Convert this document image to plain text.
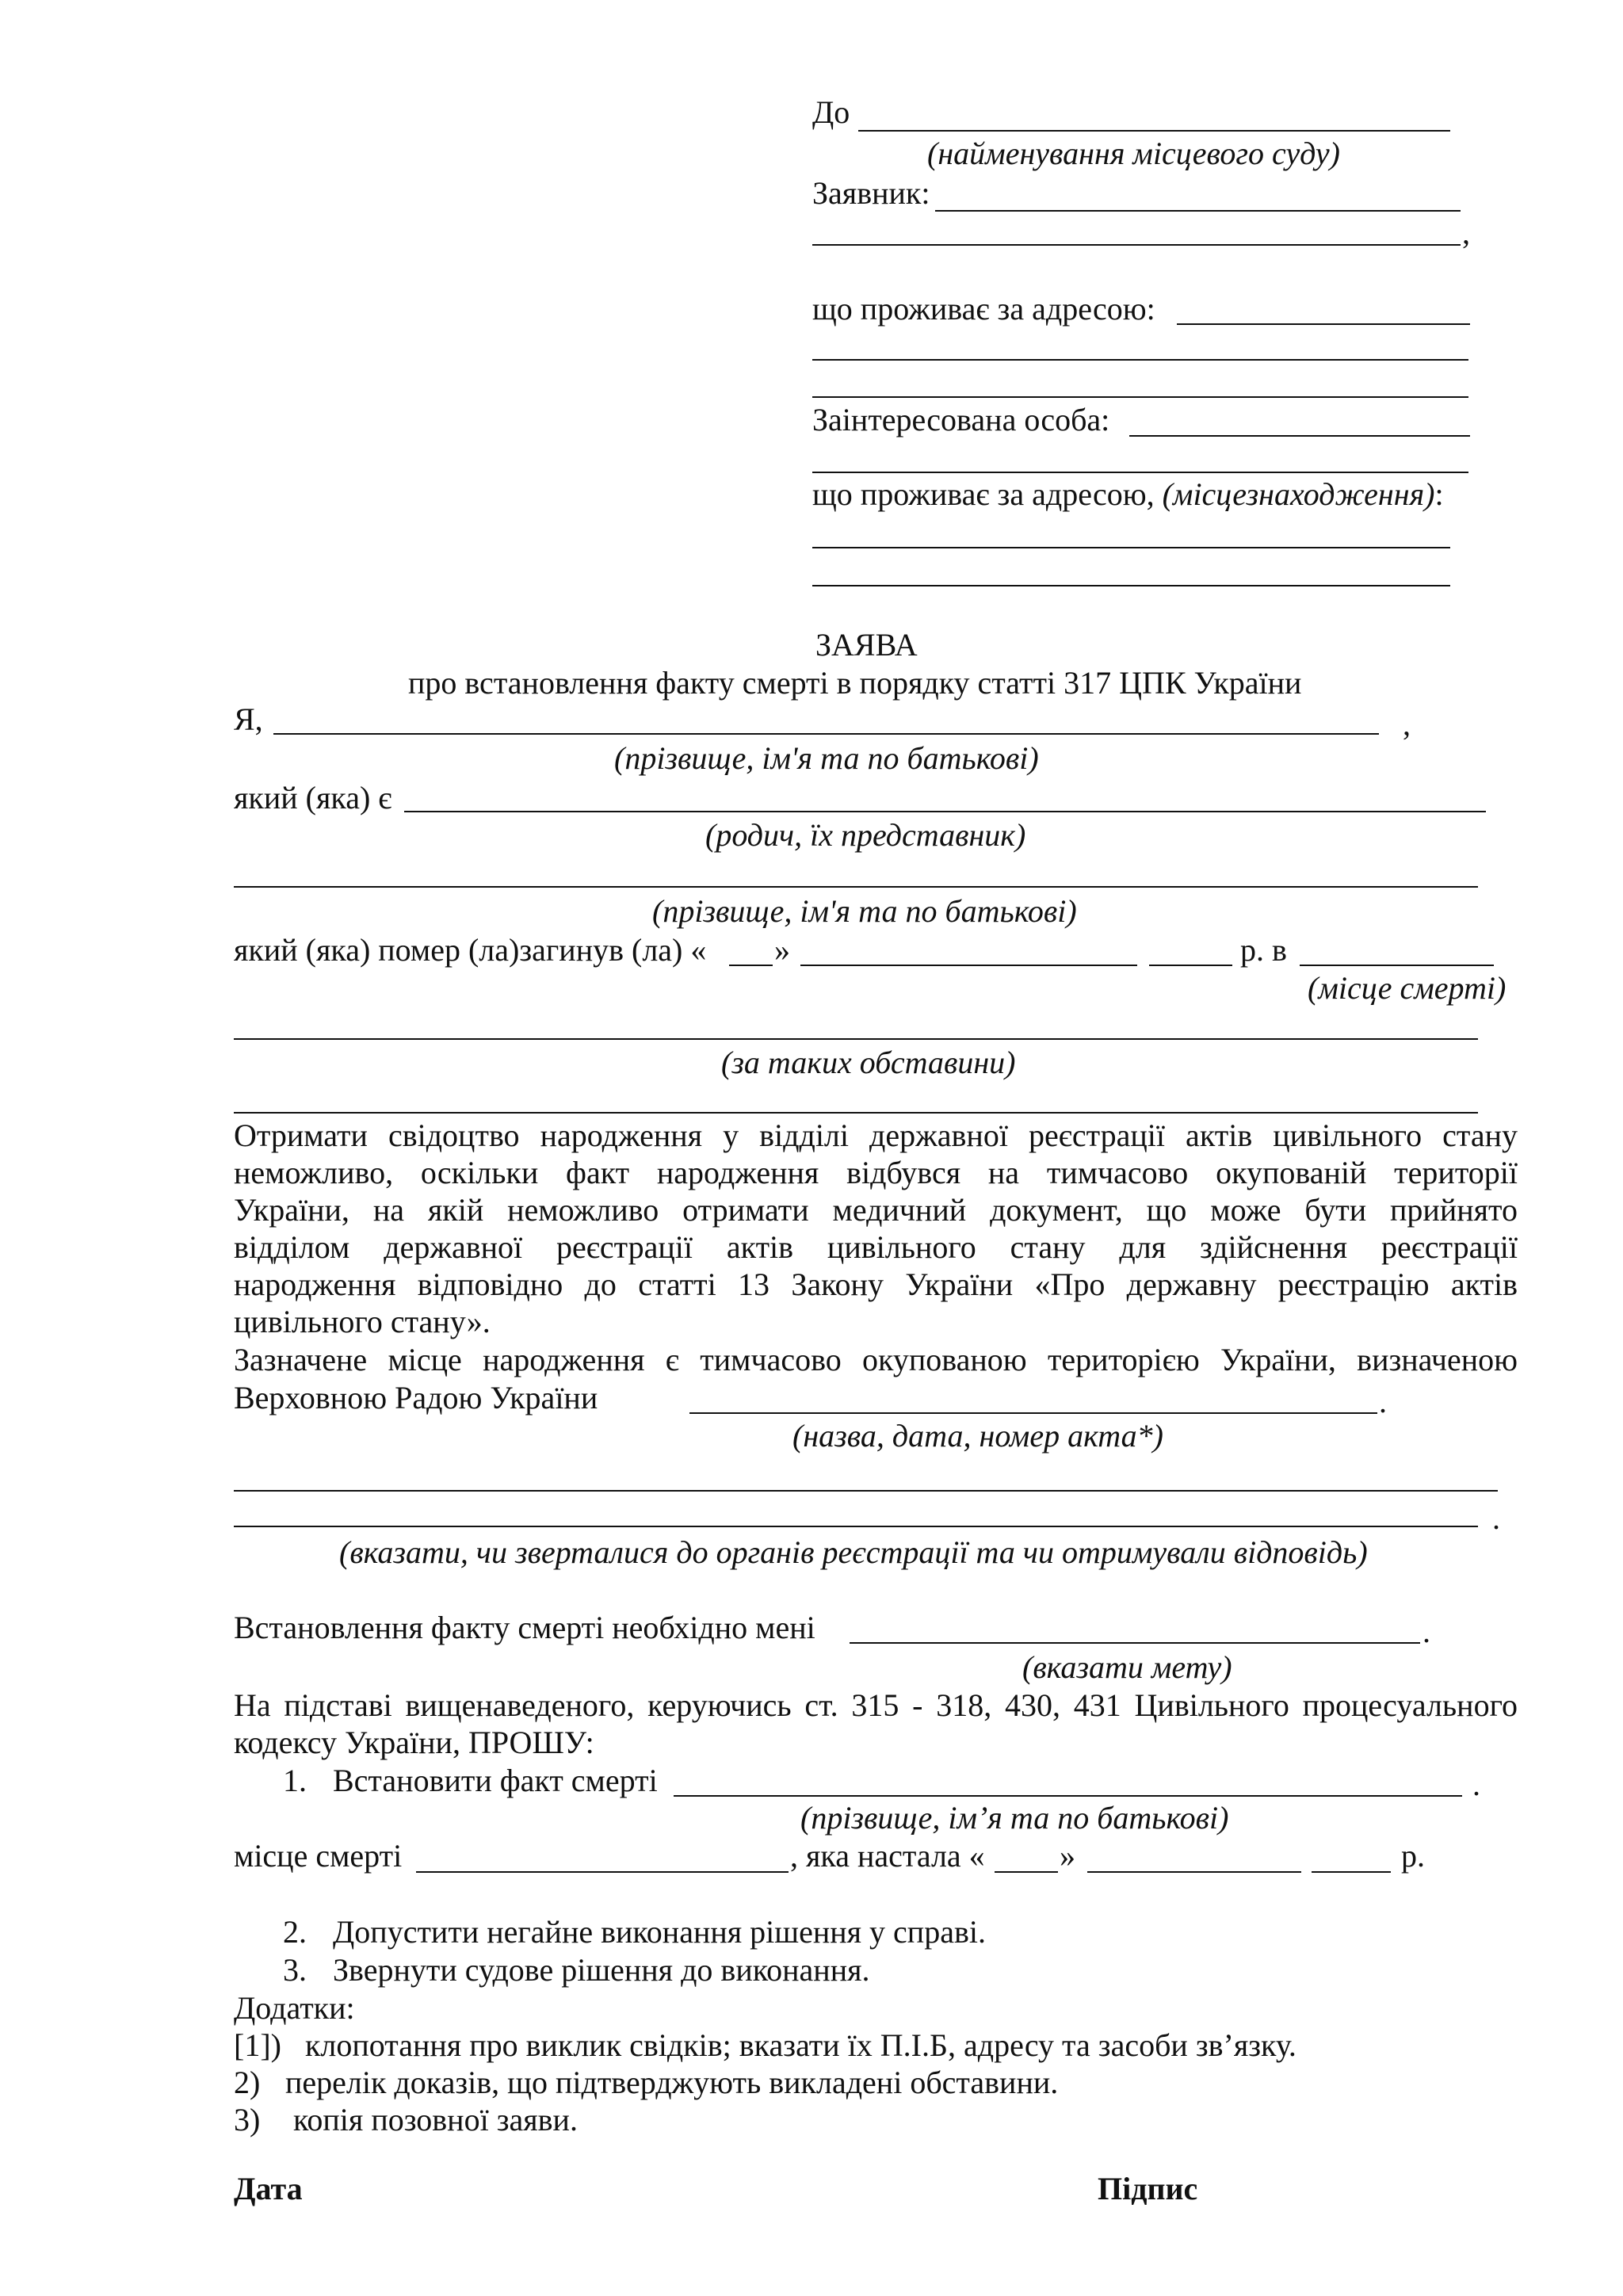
До
(найменування місцевого суду)
Заявник:
,
що проживає за адресою:
Заінтересована особа:
що проживає за адресою, (місцезнаходження):
ЗАЯВА
про встановлення факту смерті в порядку статті 317 ЦПК України
Я,	,
(прізвище, ім'я та по батькові)
який (яка) є
(родич, їх представник)
(прізвище, ім'я та по батькові)
який (яка) помер (ла)загинув (ла) « »	р. в
(місце смерті)
(за таких обставини)
Отримати свідоцтво народження у відділі державної реєстрації актів цивільного стану
неможливо, оскільки факт народження відбувся на тимчасово окупованій території
України, на якій неможливо отримати медичний документ, що може бути прийнято
відділом державної реєстрації актів цивільного стану для здійснення реєстрації
народження відповідно до статті 13 Закону України «Про державну реєстрацію актів
цивільного стану».
Зазначене місце народження є тимчасово окупованою територією України, визначеною
Верховною Радою України	.
(назва, дата, номер акта*)
.
(вказати, чи зверталися до органів реєстрації та чи отримували відповідь)
Встановлення факту смерті необхідно мені	.
(вказати мету)
На підставі вищенаведеного, керуючись ст. 315 - 318, 430, 431 Цивільного процесуального
кодексу України, ПРОШУ:
1. Встановити факт смерті	.
(прізвище, ім’я та по батькові)
місце смерті	, яка настала « »	р.
2. Допустити негайне виконання рішення у справі.
3. Звернути судове рішення до виконання.
Додатки:
[1]) клопотання про виклик свідків; вказати їх П.І.Б, адресу та засоби зв’язку.
2) перелік доказів, що підтверджують викладені обставини.
3) копія позовної заяви.
Дата	Підпис
